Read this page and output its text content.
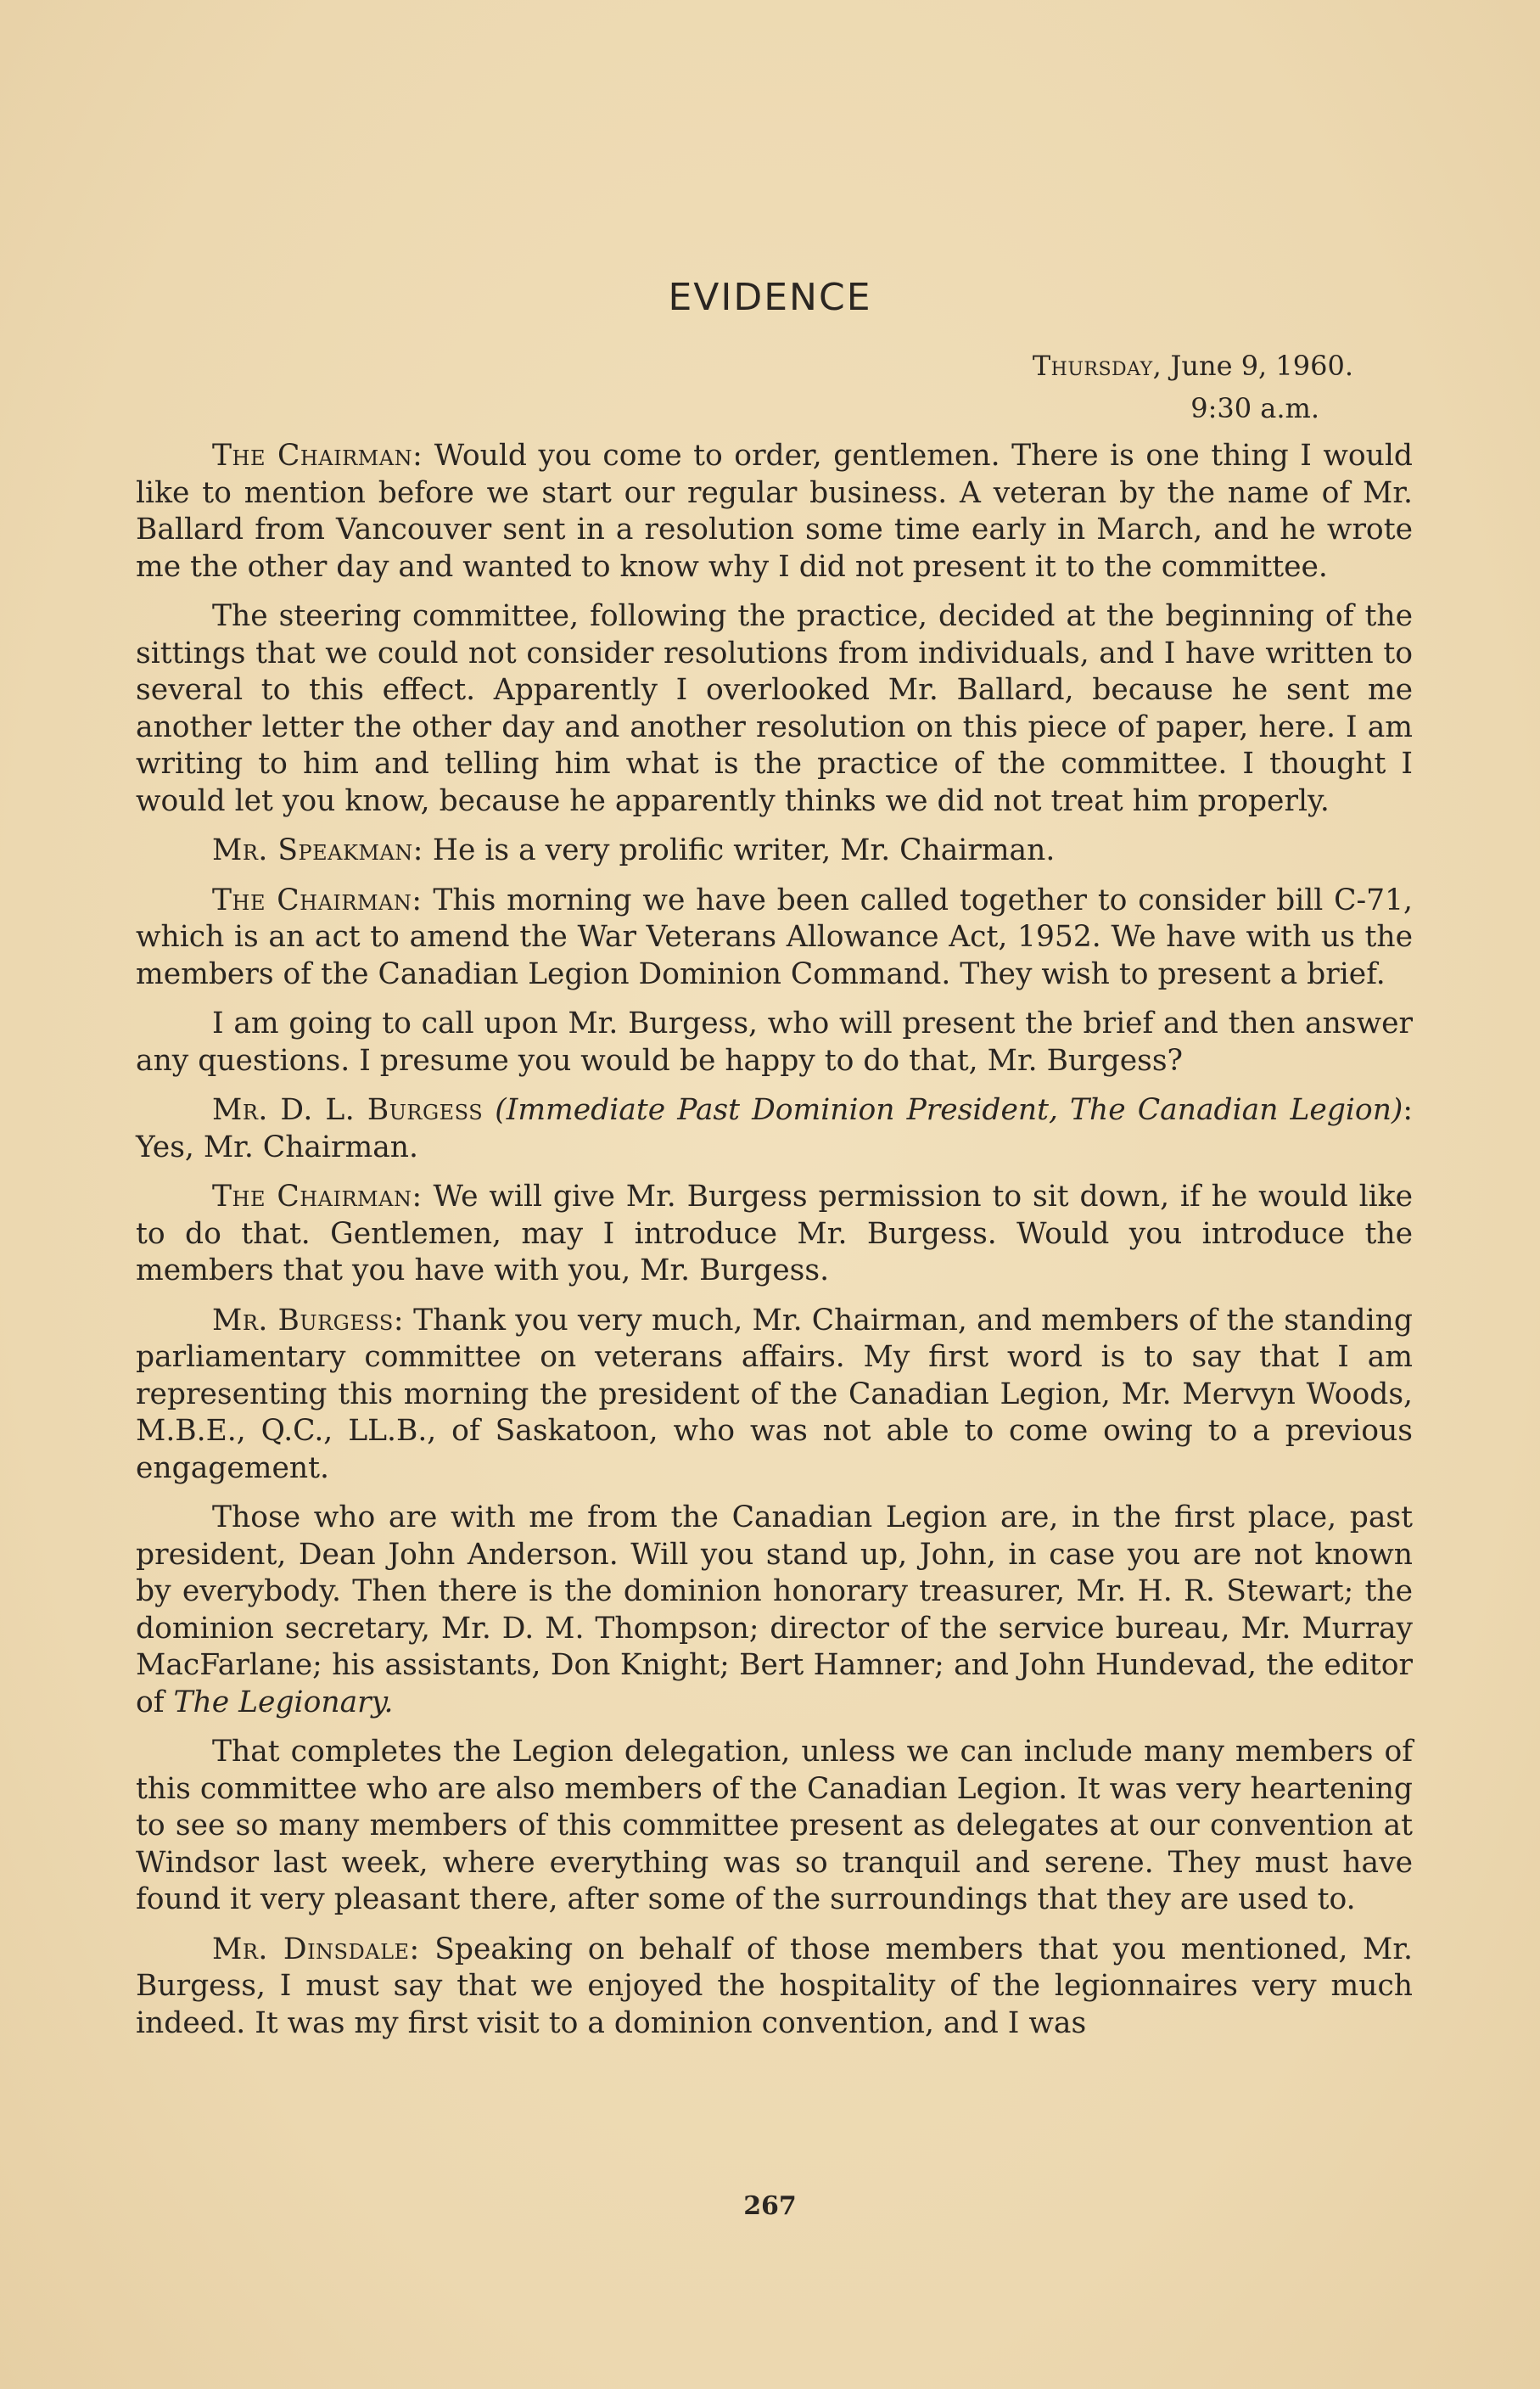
EVIDENCE
Thursday, June 9, 1960.
9:30 a.m.

The Chairman: Would you come to order, gentlemen. There is one thing I would like to mention before we start our regular business. A veteran by the name of Mr. Ballard from Vancouver sent in a resolution some time early in March, and he wrote me the other day and wanted to know why I did not present it to the committee.

The steering committee, following the practice, decided at the beginning of the sittings that we could not consider resolutions from individuals, and I have written to several to this effect. Apparently I overlooked Mr. Ballard, because he sent me another letter the other day and another resolution on this piece of paper, here. I am writing to him and telling him what is the practice of the committee. I thought I would let you know, because he apparently thinks we did not treat him properly.

Mr. Speakman: He is a very prolific writer, Mr. Chairman.

The Chairman: This morning we have been called together to consider bill C-71, which is an act to amend the War Veterans Allowance Act, 1952. We have with us the members of the Canadian Legion Dominion Command. They wish to present a brief.

I am going to call upon Mr. Burgess, who will present the brief and then answer any questions. I presume you would be happy to do that, Mr. Burgess?

Mr. D. L. Burgess (Immediate Past Dominion President, The Canadian Legion): Yes, Mr. Chairman.

The Chairman: We will give Mr. Burgess permission to sit down, if he would like to do that. Gentlemen, may I introduce Mr. Burgess. Would you introduce the members that you have with you, Mr. Burgess.

Mr. Burgess: Thank you very much, Mr. Chairman, and members of the standing parliamentary committee on veterans affairs. My first word is to say that I am representing this morning the president of the Canadian Legion, Mr. Mervyn Woods, M.B.E., Q.C., LL.B., of Saskatoon, who was not able to come owing to a previous engagement.

Those who are with me from the Canadian Legion are, in the first place, past president, Dean John Anderson. Will you stand up, John, in case you are not known by everybody. Then there is the dominion honorary treasurer, Mr. H. R. Stewart; the dominion secretary, Mr. D. M. Thompson; director of the service bureau, Mr. Murray MacFarlane; his assistants, Don Knight; Bert Hamner; and John Hundevad, the editor of The Legionary.

That completes the Legion delegation, unless we can include many members of this committee who are also members of the Canadian Legion. It was very heartening to see so many members of this committee present as delegates at our convention at Windsor last week, where everything was so tranquil and serene. They must have found it very pleasant there, after some of the surroundings that they are used to.

Mr. Dinsdale: Speaking on behalf of those members that you mentioned, Mr. Burgess, I must say that we enjoyed the hospitality of the legionnaires very much indeed. It was my first visit to a dominion convention, and I was

267
